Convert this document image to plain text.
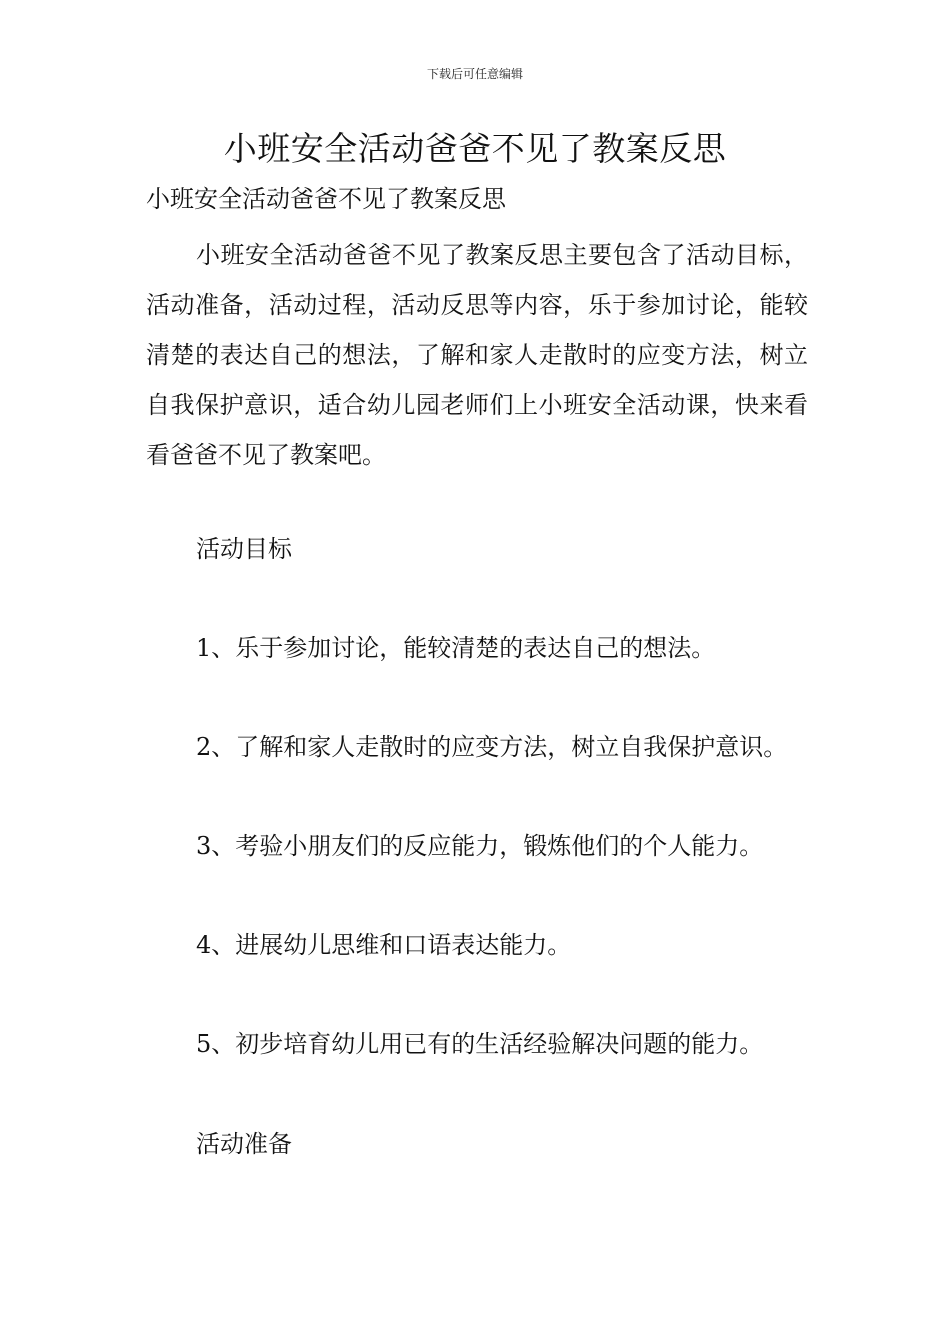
下载后可任意编辑
小班安全活动爸爸不见了教案反思
小班安全活动爸爸不见了教案反思

小班安全活动爸爸不见了教案反思主要包含了活动目标，活动准备，活动过程，活动反思等内容，乐于参加讨论，能较清楚的表达自己的想法，了解和家人走散时的应变方法，树立自我保护意识，适合幼儿园老师们上小班安全活动课，快来看看爸爸不见了教案吧。

活动目标
1、乐于参加讨论，能较清楚的表达自己的想法。
2、了解和家人走散时的应变方法，树立自我保护意识。
3、考验小朋友们的反应能力，锻炼他们的个人能力。
4、进展幼儿思维和口语表达能力。
5、初步培育幼儿用已有的生活经验解决问题的能力。
活动准备
